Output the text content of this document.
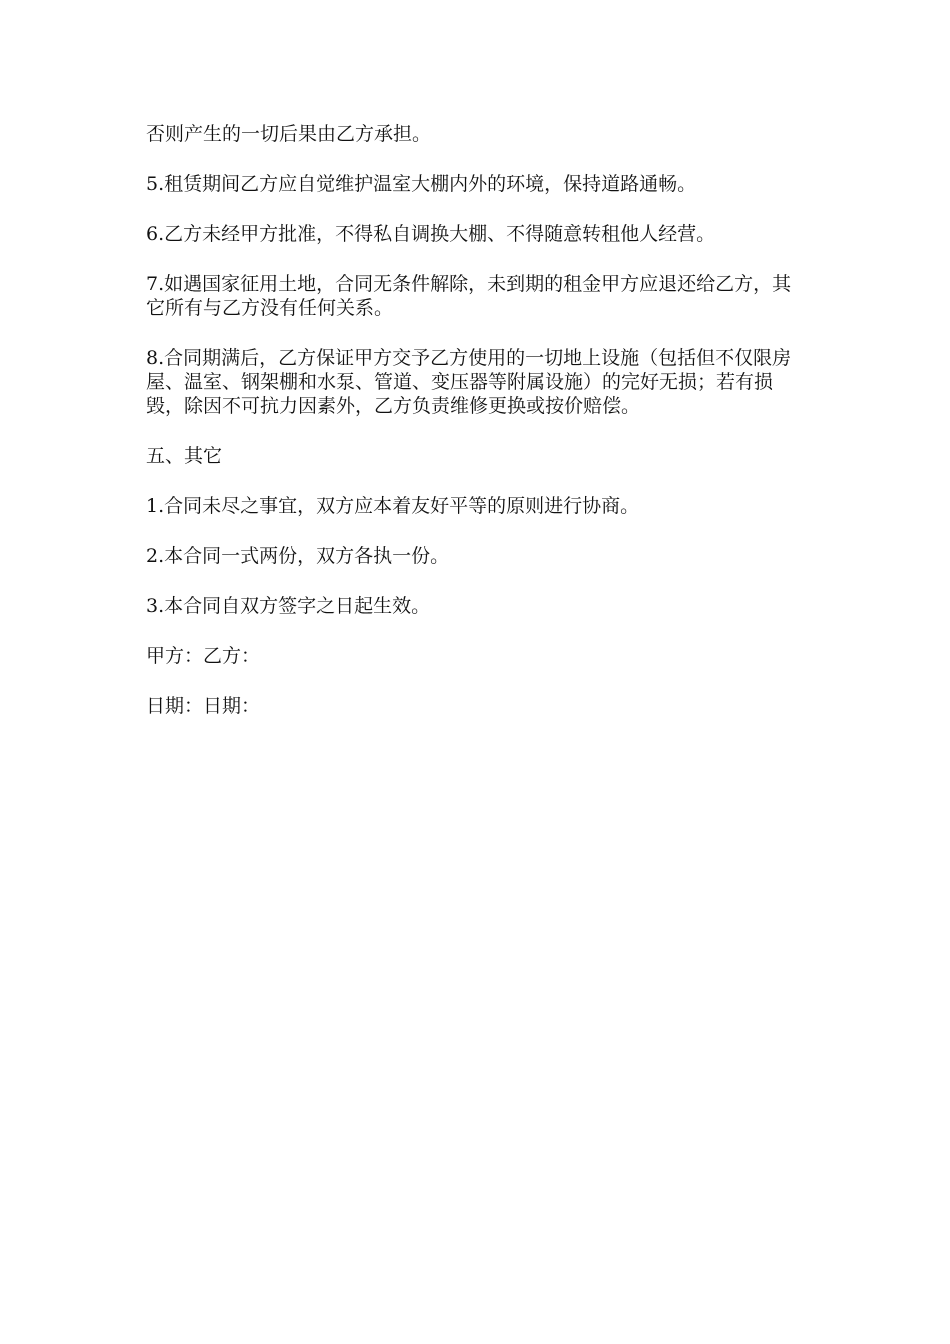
否则产生的一切后果由乙方承担。

5.租赁期间乙方应自觉维护温室大棚内外的环境，保持道路通畅。

6.乙方未经甲方批准，不得私自调换大棚、不得随意转租他人经营。

7.如遇国家征用土地，合同无条件解除，未到期的租金甲方应退还给乙方，其它所有与乙方没有任何关系。

8.合同期满后，乙方保证甲方交予乙方使用的一切地上设施（包括但不仅限房屋、温室、钢架棚和水泵、管道、变压器等附属设施）的完好无损；若有损毁，除因不可抗力因素外，乙方负责维修更换或按价赔偿。

五、其它

1.合同未尽之事宜，双方应本着友好平等的原则进行协商。

2.本合同一式两份，双方各执一份。

3.本合同自双方签字之日起生效。

甲方：乙方：

日期：日期：
